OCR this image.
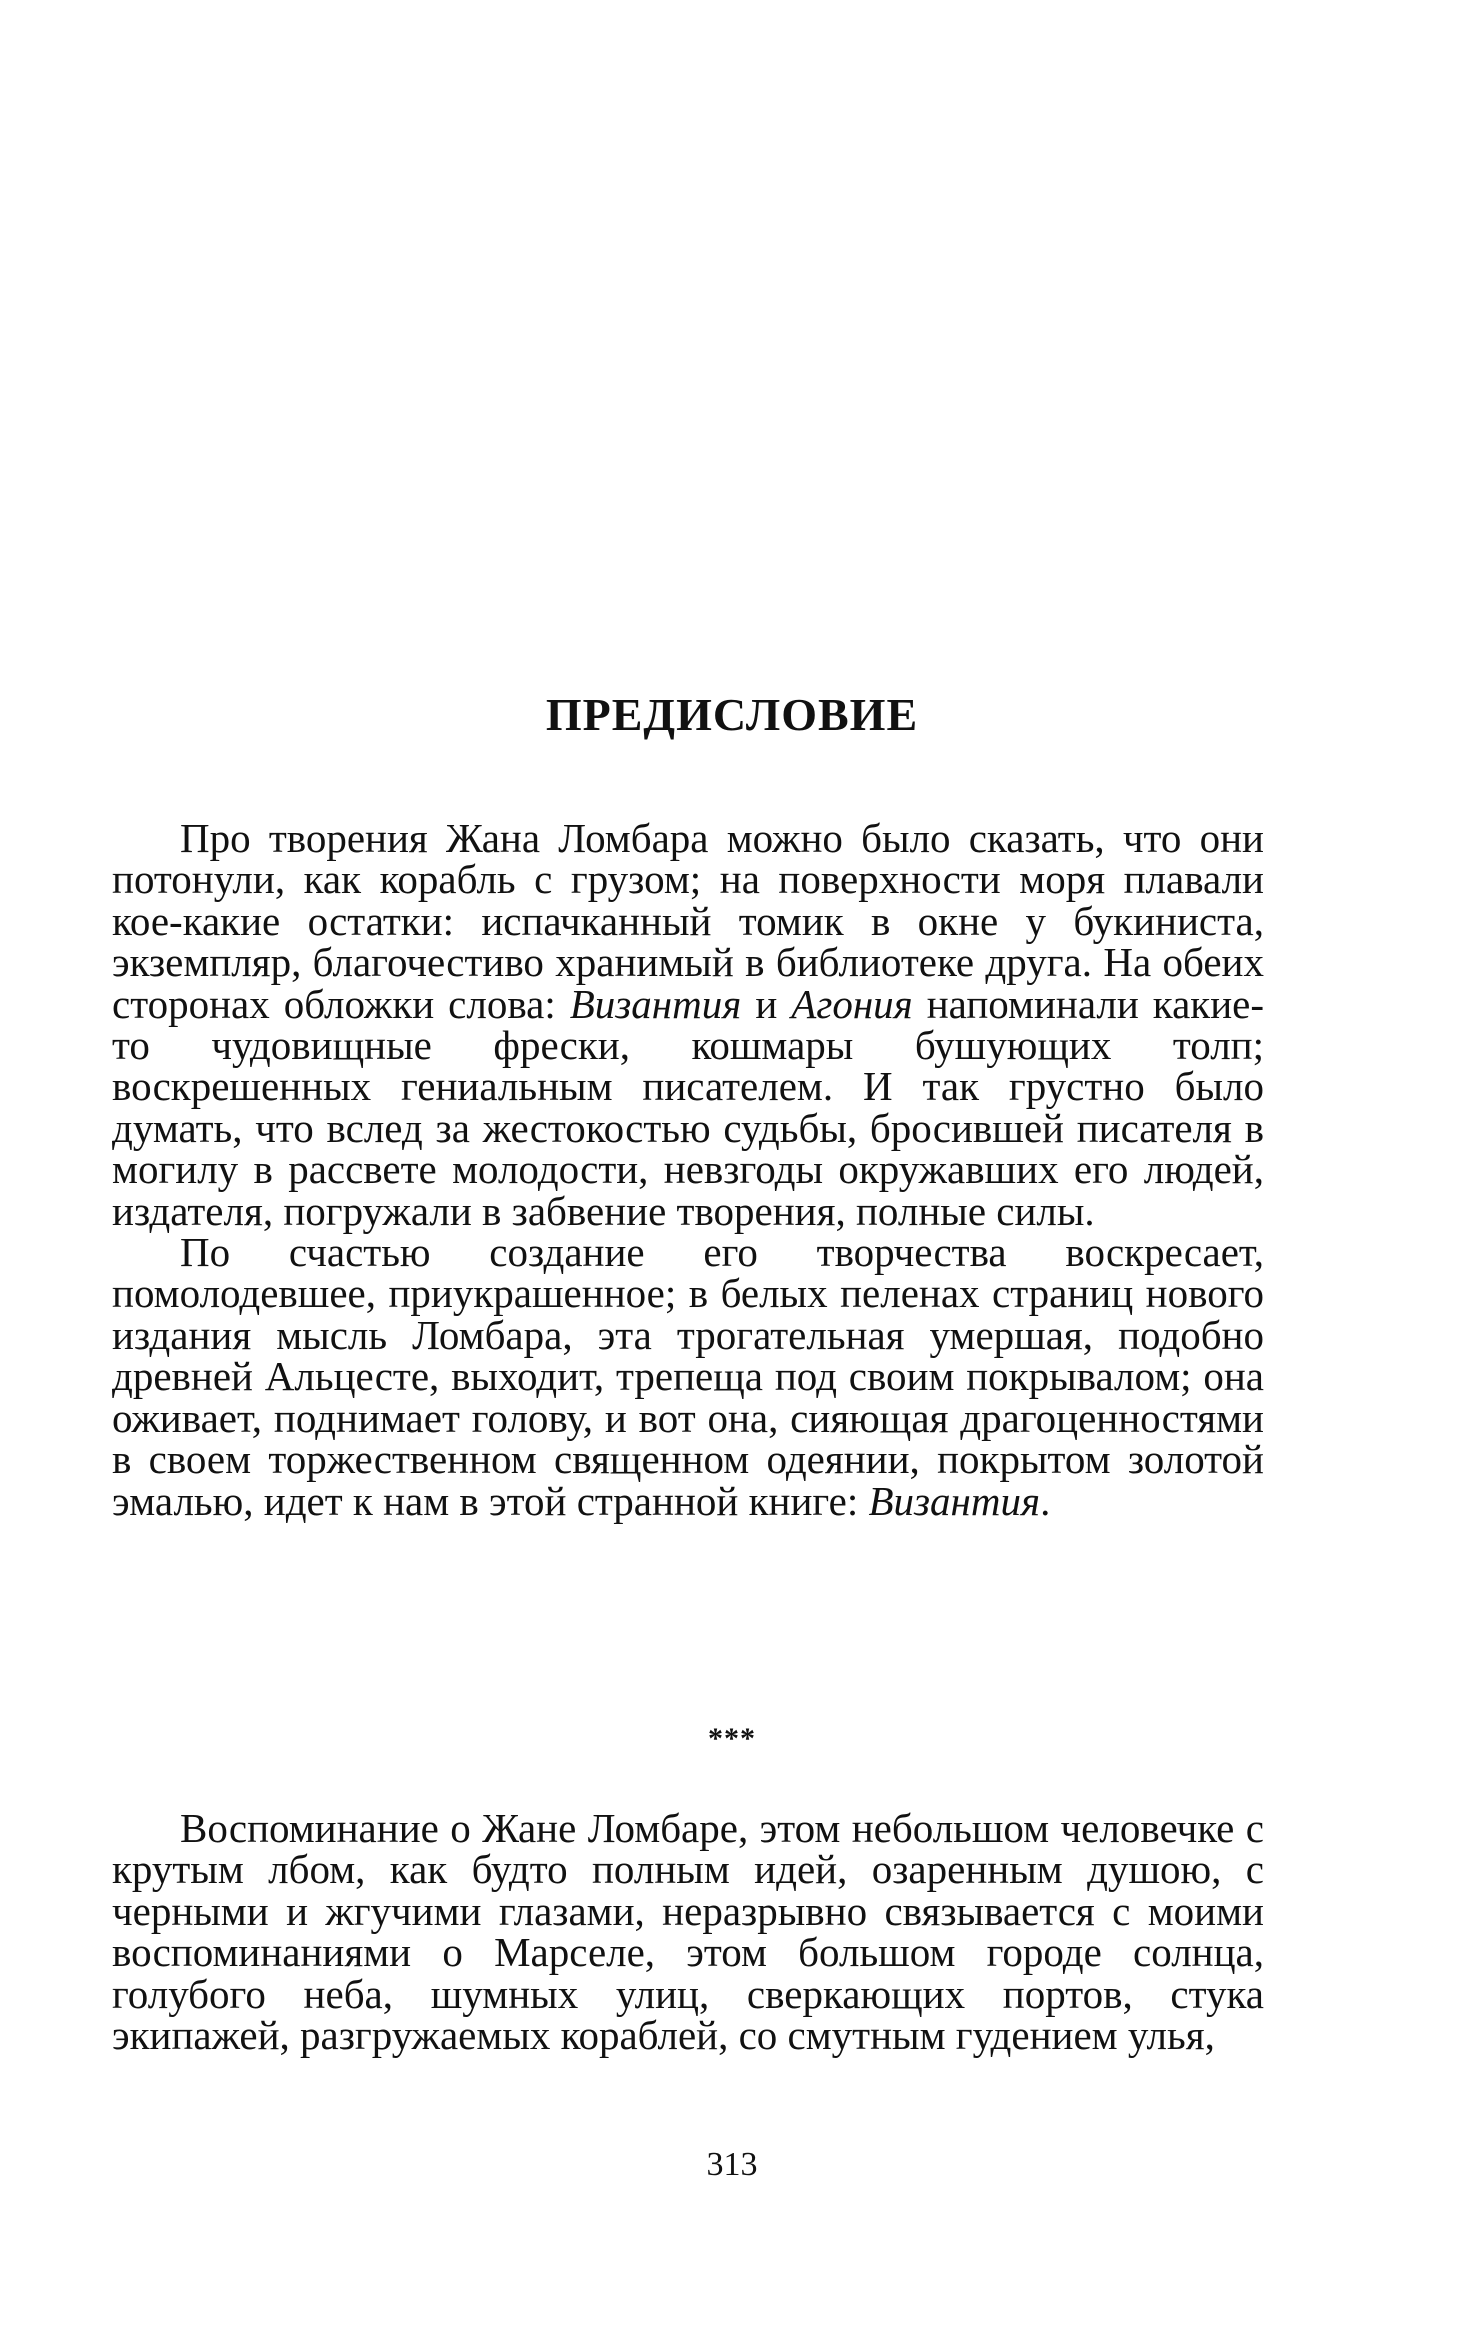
ПРЕДИСЛОВИЕ

Про творения Жана Ломбара можно было сказать, что они потонули, как корабль с грузом; на поверхности моря плавали кое-какие остатки: испачканный томик в окне у букиниста, экземпляр, благочестиво хранимый в библиотеке друга. На обеих сторонах обложки слова: Византия и Агония напоминали какие-то чудовищные фрески, кошмары бушующих толп; воскрешенных гениальным писателем. И так грустно было думать, что вслед за жестокостью судьбы, бросившей писателя в могилу в рассвете молодости, невзгоды окружавших его людей, издателя, погружали в забвение творения, полные силы.

По счастью создание его творчества воскресает, помолодевшее, приукрашенное; в белых пеленах страниц нового издания мысль Ломбара, эта трогательная умершая, подобно древней Альцесте, выходит, трепеща под своим покрывалом; она оживает, поднимает голову, и вот она, сияющая драгоценностями в своем торжественном священном одеянии, покрытом золотой эмалью, идет к нам в этой странной книге: Византия.

***

Воспоминание о Жане Ломбаре, этом небольшом человечке с крутым лбом, как будто полным идей, озаренным душою, с черными и жгучими глазами, неразрывно связывается с моими воспоминаниями о Марселе, этом большом городе солнца, голубого неба, шумных улиц, сверкающих портов, стука экипажей, разгружаемых кораблей, со смутным гудением улья,

313
